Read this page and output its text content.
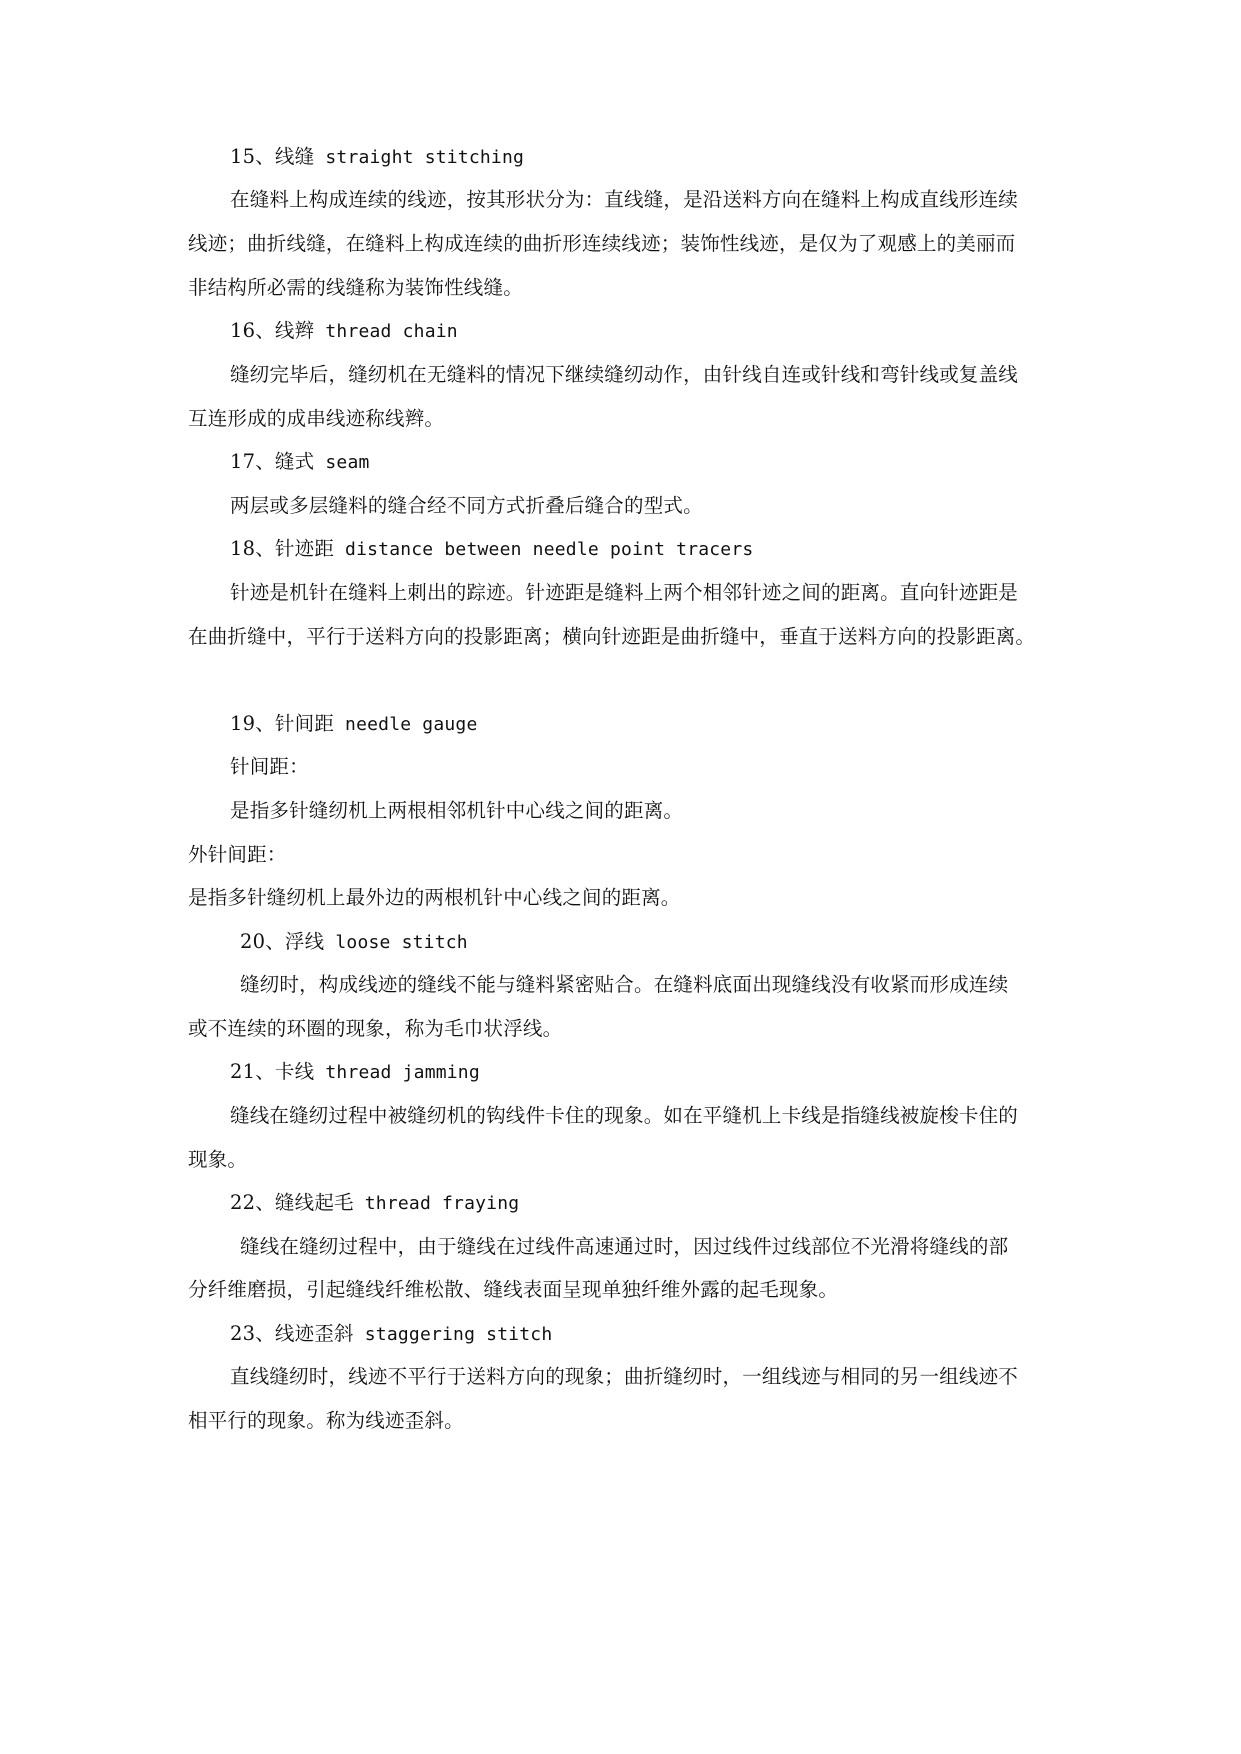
15、线缝 straight stitching
在缝料上构成连续的线迹，按其形状分为：直线缝，是沿送料方向在缝料上构成直线形连续
线迹；曲折线缝，在缝料上构成连续的曲折形连续线迹；装饰性线迹，是仅为了观感上的美丽而
非结构所必需的线缝称为装饰性线缝。
16、线辫 thread chain
缝纫完毕后，缝纫机在无缝料的情况下继续缝纫动作，由针线自连或针线和弯针线或复盖线
互连形成的成串线迹称线辫。
17、缝式 seam
两层或多层缝料的缝合经不同方式折叠后缝合的型式。
18、针迹距 distance between needle point tracers
针迹是机针在缝料上刺出的踪迹。针迹距是缝料上两个相邻针迹之间的距离。直向针迹距是
在曲折缝中，平行于送料方向的投影距离；横向针迹距是曲折缝中，垂直于送料方向的投影距离。
19、针间距 needle gauge
针间距：
是指多针缝纫机上两根相邻机针中心线之间的距离。
外针间距：
是指多针缝纫机上最外边的两根机针中心线之间的距离。
20、浮线 loose stitch
缝纫时，构成线迹的缝线不能与缝料紧密贴合。在缝料底面出现缝线没有收紧而形成连续
或不连续的环圈的现象，称为毛巾状浮线。
21、卡线 thread jamming
缝线在缝纫过程中被缝纫机的钩线件卡住的现象。如在平缝机上卡线是指缝线被旋梭卡住的
现象。
22、缝线起毛 thread fraying
缝线在缝纫过程中，由于缝线在过线件高速通过时，因过线件过线部位不光滑将缝线的部
分纤维磨损，引起缝线纤维松散、缝线表面呈现单独纤维外露的起毛现象。
23、线迹歪斜 staggering stitch
直线缝纫时，线迹不平行于送料方向的现象；曲折缝纫时，一组线迹与相同的另一组线迹不
相平行的现象。称为线迹歪斜。
